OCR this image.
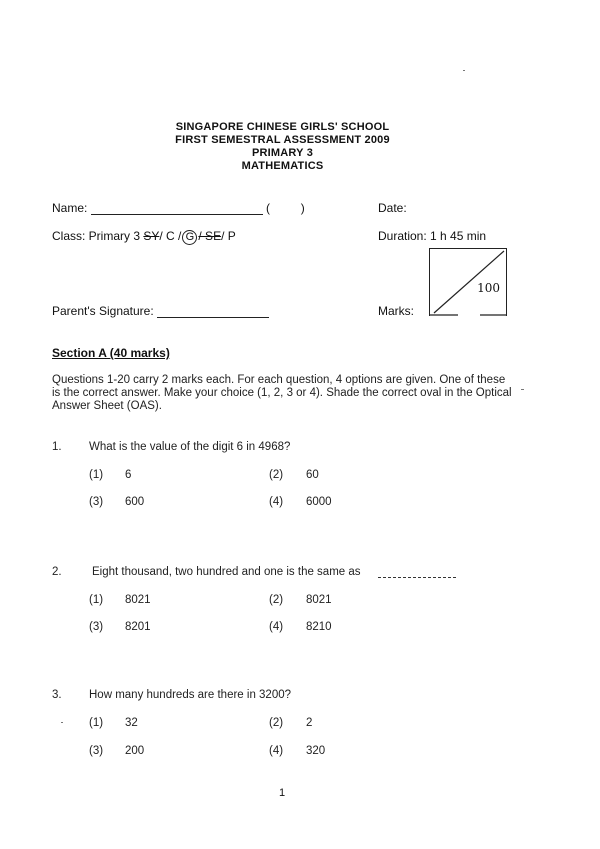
SINGAPORE CHINESE GIRLS' SCHOOL
FIRST SEMESTRAL ASSESSMENT 2009
PRIMARY 3
MATHEMATICS
Name:	(	)	Date:
Class: Primary 3 SY/ C / G / SE/ P	Duration: 1 h 45 min
100
Parent's Signature:	Marks:
Section A (40 marks)
Questions 1-20 carry 2 marks each. For each question, 4 options are given. One of these is the correct answer. Make your choice (1, 2, 3 or 4). Shade the correct oval in the Optical Answer Sheet (OAS).
1. What is the value of the digit 6 in 4968?
(1) 6	(2) 60
(3) 600	(4) 6000
2.	Eight thousand, two hundred and one is the same as
(1) 8021	(2) 8021
(3) 8201	(4) 8210
3. How many hundreds are there in 3200?
(1) 32	(2) 2
(3) 200	(4) 320
1
